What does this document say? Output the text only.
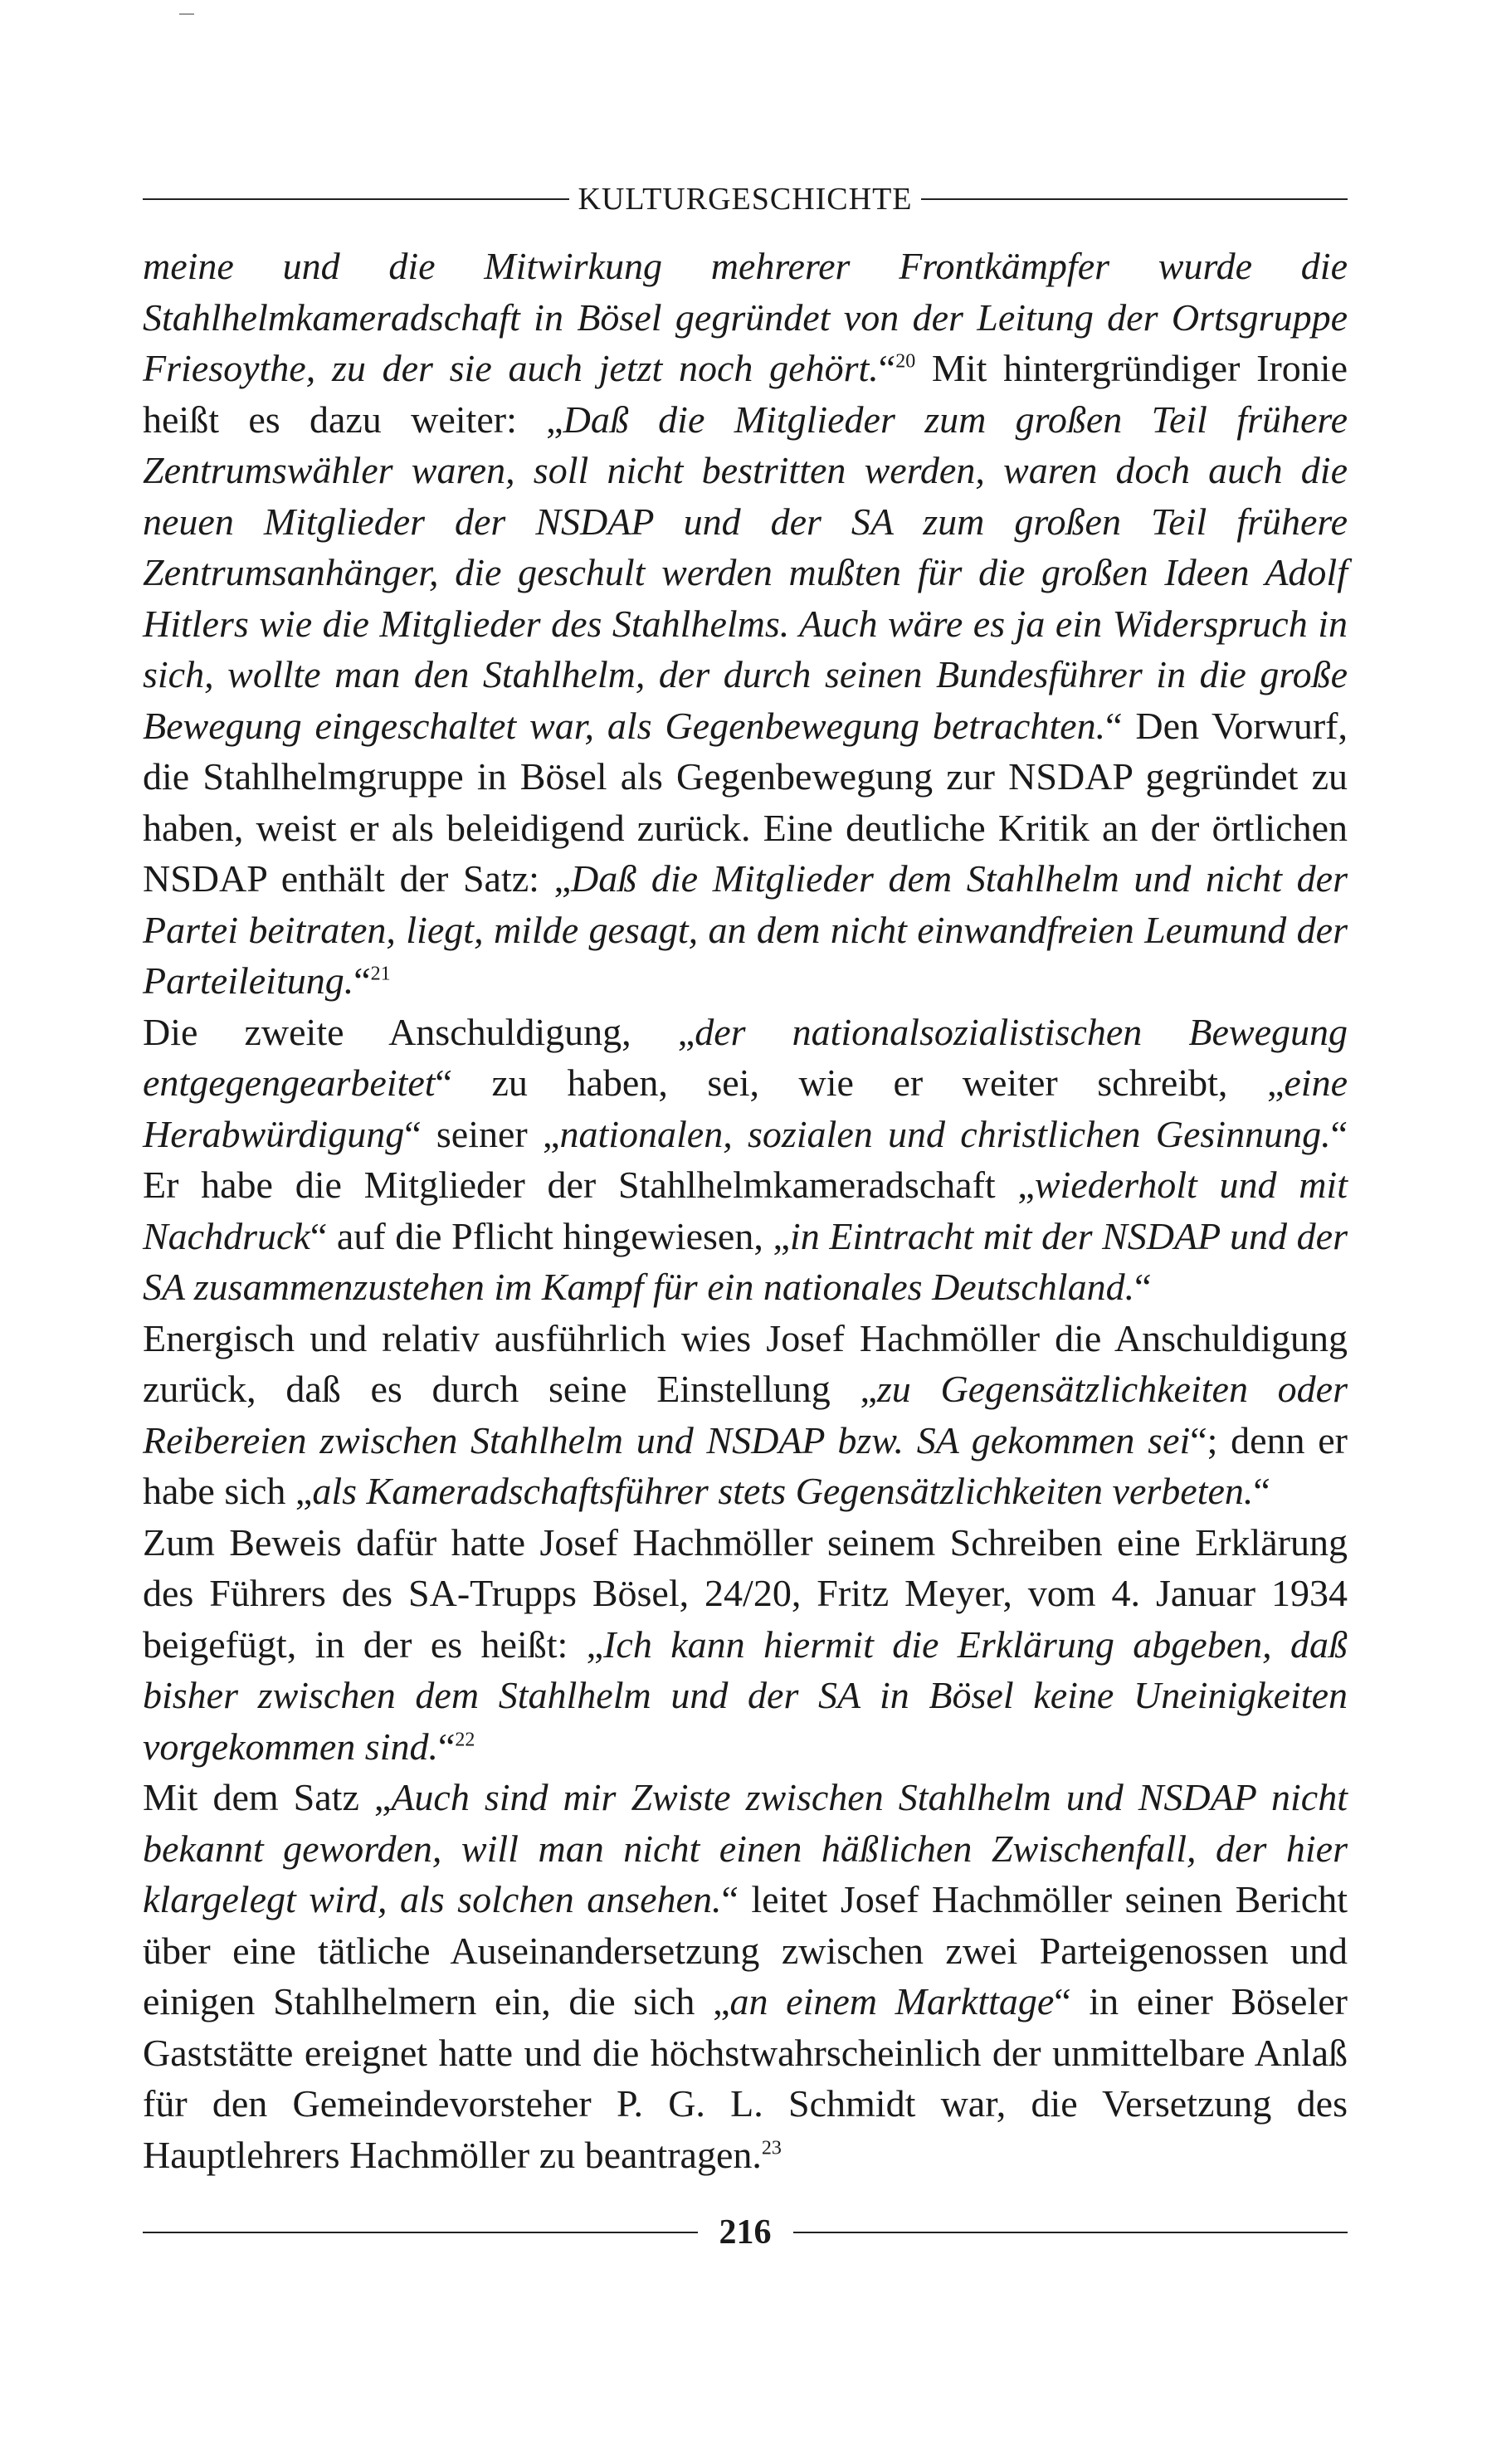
KULTURGESCHICHTE

meine und die Mitwirkung mehrerer Frontkämpfer wurde die Stahlhelmkameradschaft in Bösel gegründet von der Leitung der Ortsgruppe Friesoythe, zu der sie auch jetzt noch gehört.“$^{20}$ Mit hintergründiger Ironie heißt es dazu weiter: „Daß die Mitglieder zum großen Teil frühere Zentrumswähler waren, soll nicht bestritten werden, waren doch auch die neuen Mitglieder der NSDAP und der SA zum großen Teil frühere Zentrumsanhänger, die geschult werden mußten für die großen Ideen Adolf Hitlers wie die Mitglieder des Stahlhelms. Auch wäre es ja ein Widerspruch in sich, wollte man den Stahlhelm, der durch seinen Bundesführer in die große Bewegung eingeschaltet war, als Gegenbewegung betrachten.“ Den Vorwurf, die Stahlhelmgruppe in Bösel als Gegenbewegung zur NSDAP gegründet zu haben, weist er als beleidigend zurück. Eine deutliche Kritik an der örtlichen NSDAP enthält der Satz: „Daß die Mitglieder dem Stahlhelm und nicht der Partei beitraten, liegt, milde gesagt, an dem nicht einwandfreien Leumund der Parteileitung.“$^{21}$

Die zweite Anschuldigung, „der nationalsozialistischen Bewegung entgegengearbeitet“ zu haben, sei, wie er weiter schreibt, „eine Herabwürdigung“ seiner „nationalen, sozialen und christlichen Gesinnung.“ Er habe die Mitglieder der Stahlhelmkameradschaft „wiederholt und mit Nachdruck“ auf die Pflicht hingewiesen, „in Eintracht mit der NSDAP und der SA zusammenzustehen im Kampf für ein nationales Deutschland.“

Energisch und relativ ausführlich wies Josef Hachmöller die Anschuldigung zurück, daß es durch seine Einstellung „zu Gegensätzlichkeiten oder Reibereien zwischen Stahlhelm und NSDAP bzw. SA gekommen sei“; denn er habe sich „als Kameradschaftsführer stets Gegensätzlichkeiten verbeten.“

Zum Beweis dafür hatte Josef Hachmöller seinem Schreiben eine Erklärung des Führers des SA-Trupps Bösel, 24/20, Fritz Meyer, vom 4. Januar 1934 beigefügt, in der es heißt: „Ich kann hiermit die Erklärung abgeben, daß bisher zwischen dem Stahlhelm und der SA in Bösel keine Uneinigkeiten vorgekommen sind.“$^{22}$

Mit dem Satz „Auch sind mir Zwiste zwischen Stahlhelm und NSDAP nicht bekannt geworden, will man nicht einen häßlichen Zwischenfall, der hier klargelegt wird, als solchen ansehen.“ leitet Josef Hachmöller seinen Bericht über eine tätliche Auseinandersetzung zwischen zwei Parteigenossen und einigen Stahlhelmern ein, die sich „an einem Markttage“ in einer Böseler Gaststätte ereignet hatte und die höchstwahrscheinlich der unmittelbare Anlaß für den Gemeindevorsteher P. G. L. Schmidt war, die Versetzung des Hauptlehrers Hachmöller zu beantragen.$^{23}$

216
